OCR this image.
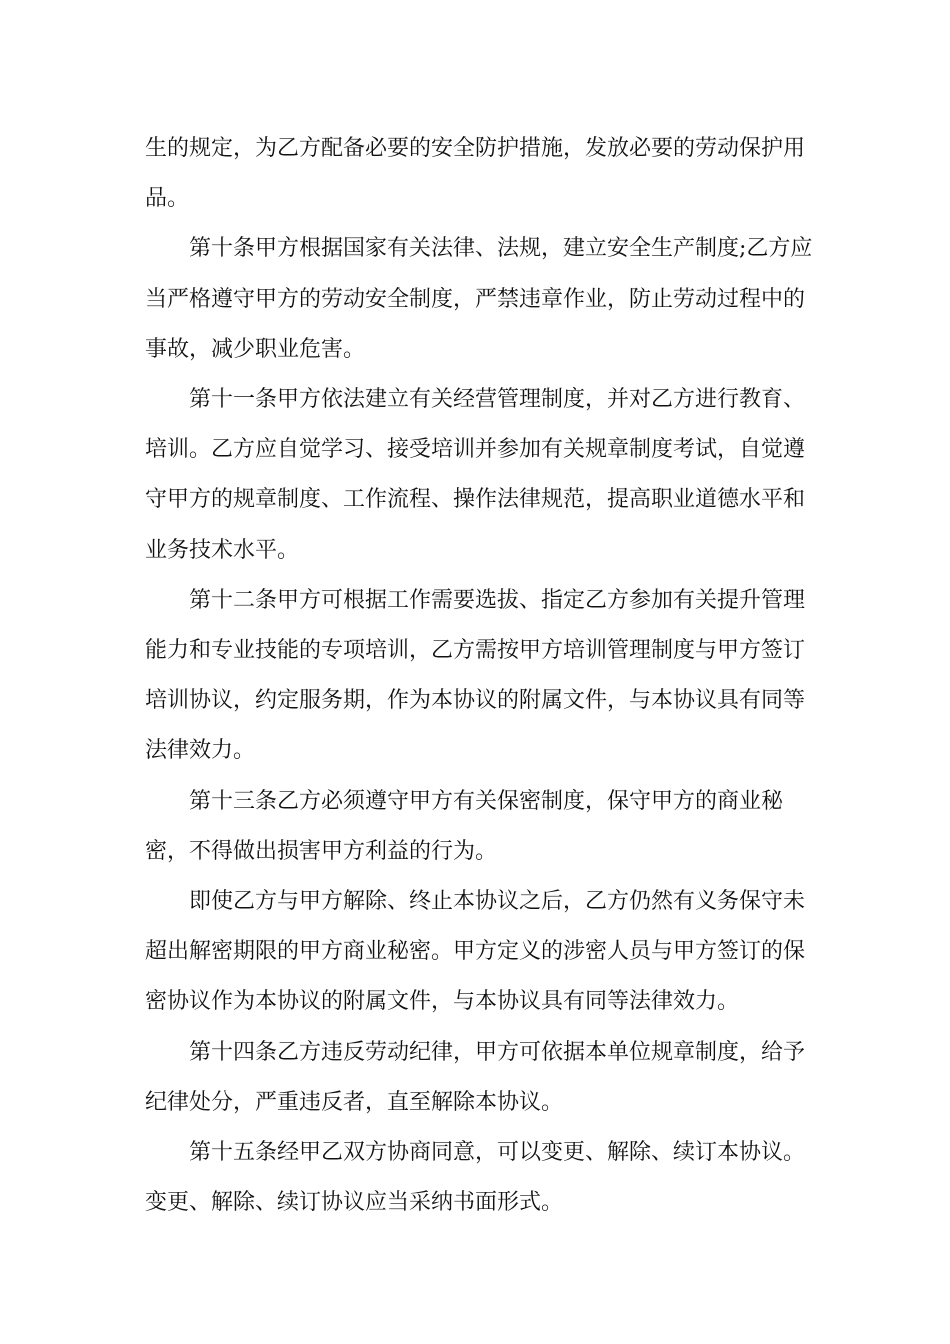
生的规定，为乙方配备必要的安全防护措施，发放必要的劳动保护用品。

第十条甲方根据国家有关法律、法规，建立安全生产制度;乙方应当严格遵守甲方的劳动安全制度，严禁违章作业，防止劳动过程中的事故，减少职业危害。

第十一条甲方依法建立有关经营管理制度，并对乙方进行教育、培训。乙方应自觉学习、接受培训并参加有关规章制度考试，自觉遵守甲方的规章制度、工作流程、操作法律规范，提高职业道德水平和业务技术水平。

第十二条甲方可根据工作需要选拔、指定乙方参加有关提升管理能力和专业技能的专项培训，乙方需按甲方培训管理制度与甲方签订培训协议，约定服务期，作为本协议的附属文件，与本协议具有同等法律效力。

第十三条乙方必须遵守甲方有关保密制度，保守甲方的商业秘密，不得做出损害甲方利益的行为。

即使乙方与甲方解除、终止本协议之后，乙方仍然有义务保守未超出解密期限的甲方商业秘密。甲方定义的涉密人员与甲方签订的保密协议作为本协议的附属文件，与本协议具有同等法律效力。

第十四条乙方违反劳动纪律，甲方可依据本单位规章制度，给予纪律处分，严重违反者，直至解除本协议。

第十五条经甲乙双方协商同意，可以变更、解除、续订本协议。变更、解除、续订协议应当采纳书面形式。
